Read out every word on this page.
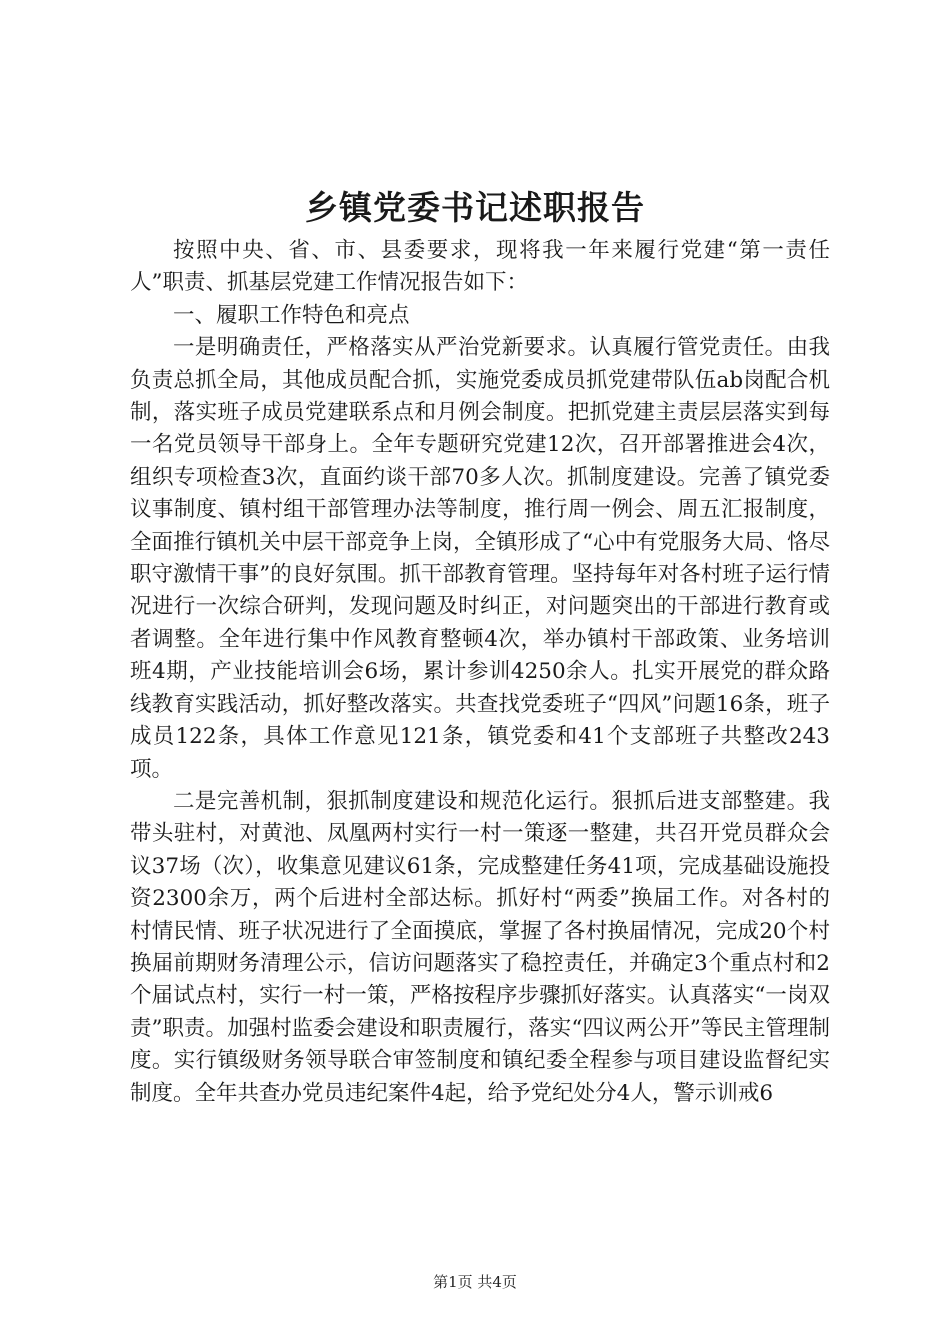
乡镇党委书记述职报告

按照中央、省、市、县委要求，现将我一年来履行党建“第一责任人”职责、抓基层党建工作情况报告如下：

一、履职工作特色和亮点

一是明确责任，严格落实从严治党新要求。认真履行管党责任。由我负责总抓全局，其他成员配合抓，实施党委成员抓党建带队伍ab岗配合机制，落实班子成员党建联系点和月例会制度。把抓党建主责层层落实到每一名党员领导干部身上。全年专题研究党建12次，召开部署推进会4次，组织专项检查3次，直面约谈干部70多人次。抓制度建设。完善了镇党委议事制度、镇村组干部管理办法等制度，推行周一例会、周五汇报制度，全面推行镇机关中层干部竞争上岗，全镇形成了“心中有党服务大局、恪尽职守激情干事”的良好氛围。抓干部教育管理。坚持每年对各村班子运行情况进行一次综合研判，发现问题及时纠正，对问题突出的干部进行教育或者调整。全年进行集中作风教育整顿4次，举办镇村干部政策、业务培训班4期，产业技能培训会6场，累计参训4250余人。扎实开展党的群众路线教育实践活动，抓好整改落实。共查找党委班子“四风”问题16条，班子成员122条，具体工作意见121条，镇党委和41个支部班子共整改243项。

二是完善机制，狠抓制度建设和规范化运行。狠抓后进支部整建。我带头驻村，对黄池、凤凰两村实行一村一策逐一整建，共召开党员群众会议37场（次），收集意见建议61条，完成整建任务41项，完成基础设施投资2300余万，两个后进村全部达标。抓好村“两委”换届工作。对各村的村情民情、班子状况进行了全面摸底，掌握了各村换届情况，完成20个村换届前期财务清理公示，信访问题落实了稳控责任，并确定3个重点村和2个届试点村，实行一村一策，严格按程序步骤抓好落实。认真落实“一岗双责”职责。加强村监委会建设和职责履行，落实“四议两公开”等民主管理制度。实行镇级财务领导联合审签制度和镇纪委全程参与项目建设监督纪实制度。全年共查办党员违纪案件4起，给予党纪处分4人，警示训戒6

第1页 共4页
